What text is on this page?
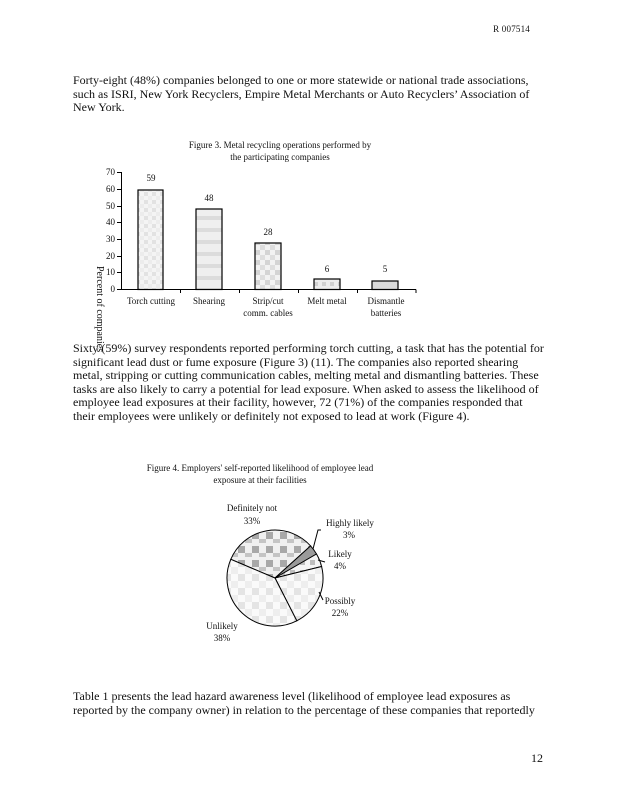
R 007514
Forty-eight (48%) companies belonged to one or more statewide or national trade associations, such as ISRI, New York Recyclers, Empire Metal Merchants or Auto Recyclers’ Association of New York.
Figure 3. Metal recycling operations performed by
the participating companies
70
60
50
40
30
20
10
0
Percent of companies
59
48
28
6	5
Torch cutting Shearing	Strip/cut
comm. cables
Melt metal Dismantle
batteries
Sixty (59%) survey respondents reported performing torch cutting, a task that has the potential for significant lead dust or fume exposure (Figure 3) (11). The companies also reported shearing metal, stripping or cutting communication cables, melting metal and dismantling batteries. These tasks are also likely to carry a potential for lead exposure. When asked to assess the likelihood of employee lead exposures at their facility, however, 72 (71%) of the companies responded that their employees were unlikely or definitely not exposed to lead at work (Figure 4).
Figure 4. Employers' self-reported likelihood of employee lead
exposure at their facilities
Definitely not
33%	Highly likely
3%
Likely
4%
Possibly
22%
Unlikely
38%
Table 1 presents the lead hazard awareness level (likelihood of employee lead exposures as reported by the company owner) in relation to the percentage of these companies that reportedly
12
